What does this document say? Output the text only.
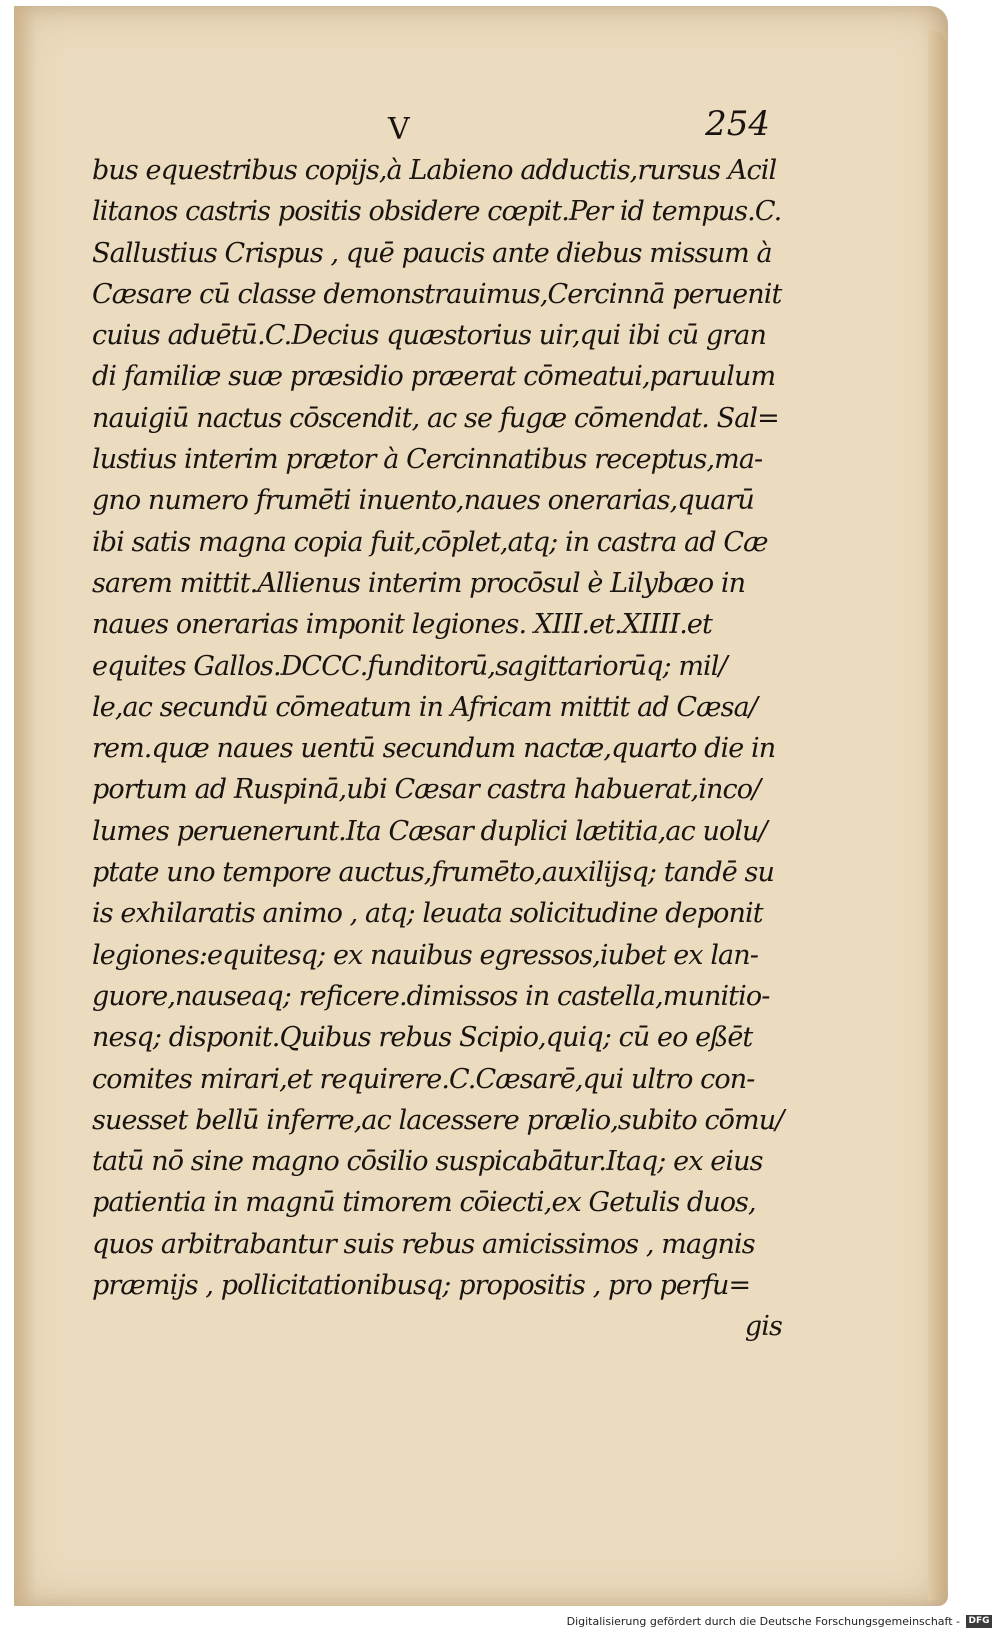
V	254
bus equestribus copijs,à Labieno adductis,rursus Acil
litanos castris positis obsidere cœpit.Per id tempus.C.
Sallustius Crispus , quē paucis ante diebus missum à
Cæsare cū classe demonstrauimus,Cercinnā peruenit
cuius aduētū.C.Decius quæstorius uir,qui ibi cū gran
di familiæ suæ præsidio præerat cōmeatui,paruulum
nauigiū nactus cōscendit, ac se fugæ cōmendat. Sal=
lustius interim prætor à Cercinnatibus receptus,ma-
gno numero frumēti inuento,naues onerarias,quarū
ibi satis magna copia fuit,cōplet,atq; in castra ad Cæ
sarem mittit.Allienus interim procōsul è Lilybæo in
naues onerarias imponit legiones. XIII.et.XIIII.et
equites Gallos.DCCC.funditorū,sagittariorūq; mil/
le,ac secundū cōmeatum in Africam mittit ad Cæsa/
rem.quæ naues uentū secundum nactæ,quarto die in
portum ad Ruspinā,ubi Cæsar castra habuerat,inco/
lumes peruenerunt.Ita Cæsar duplici lætitia,ac uolu/
ptate uno tempore auctus,frumēto,auxilijsq; tandē su
is exhilaratis animo , atq; leuata solicitudine deponit
legiones:equitesq; ex nauibus egressos,iubet ex lan-
guore,nauseaq; reficere.dimissos in castella,munitio-
nesq; disponit.Quibus rebus Scipio,quiq; cū eo eßēt
comites mirari,et requirere.C.Cæsarē,qui ultro con-
suesset bellū inferre,ac lacessere prælio,subito cōmu/
tatū nō sine magno cōsilio suspicabātur.Itaq; ex eius
patientia in magnū timorem cōiecti,ex Getulis duos,
quos arbitrabantur suis rebus amicissimos , magnis
præmijs , pollicitationibusq; propositis , pro perfu=
gis
Digitalisierung gefördert durch die Deutsche Forschungsgemeinschaft - DFG
